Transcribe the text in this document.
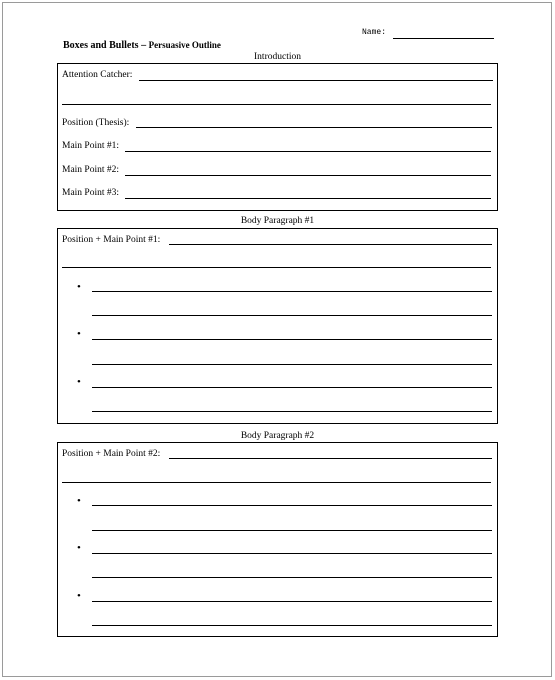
Name:
Boxes and Bullets – Persuasive Outline
Introduction
Attention Catcher:
Position (Thesis):
Main Point #1:
Main Point #2:
Main Point #3:
Body Paragraph #1
Position + Main Point #1:
•
•
•
Body Paragraph #2
Position + Main Point #2:
•
•
•
